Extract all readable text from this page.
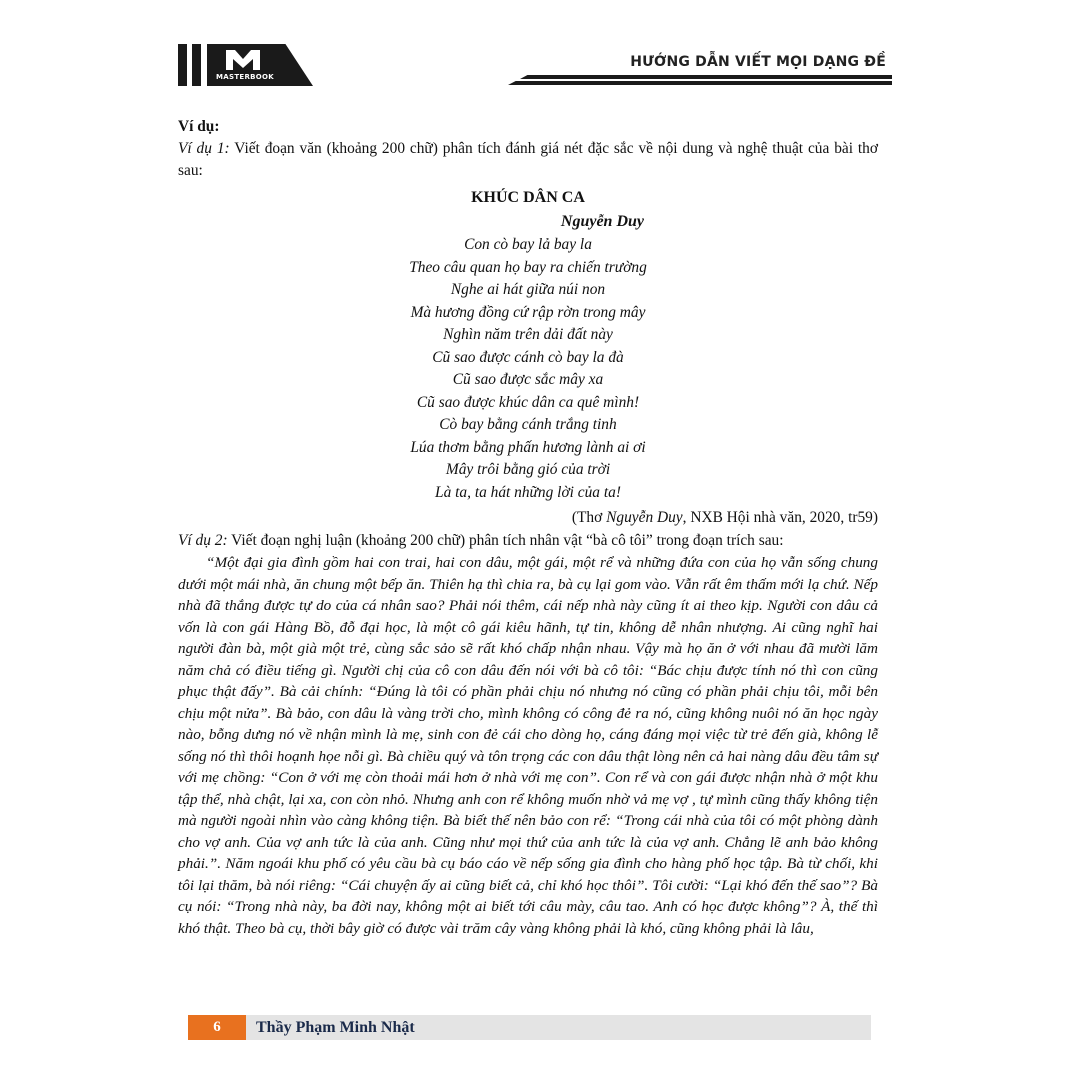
MASTERBOOK
HƯỚNG DẪN VIẾT MỌI DẠNG ĐỀ

Ví dụ:

Ví dụ 1: Viết đoạn văn (khoảng 200 chữ) phân tích đánh giá nét đặc sắc về nội dung và nghệ thuật của bài thơ sau:

KHÚC DÂN CA
Nguyễn Duy
Con cò bay lả bay la
Theo câu quan họ bay ra chiến trường
Nghe ai hát giữa núi non
Mà hương đồng cứ rập rờn trong mây
Nghìn năm trên dải đất này
Cũ sao được cánh cò bay la đà
Cũ sao được sắc mây xa
Cũ sao được khúc dân ca quê mình!
Cò bay bằng cánh trắng tinh
Lúa thơm bằng phấn hương lành ai ơi
Mây trôi bằng gió của trời
Là ta, ta hát những lời của ta!
(Thơ Nguyễn Duy, NXB Hội nhà văn, 2020, tr59)

Ví dụ 2: Viết đoạn nghị luận (khoảng 200 chữ) phân tích nhân vật “bà cô tôi” trong đoạn trích sau:

“Một đại gia đình gồm hai con trai, hai con dâu, một gái, một rể và những đứa con của họ vẫn sống chung dưới một mái nhà, ăn chung một bếp ăn. Thiên hạ thì chia ra, bà cụ lại gom vào. Vẫn rất êm thấm mới lạ chứ. Nếp nhà đã thắng được tự do của cá nhân sao? Phải nói thêm, cái nếp nhà này cũng ít ai theo kịp. Người con dâu cả vốn là con gái Hàng Bồ, đỗ đại học, là một cô gái kiêu hãnh, tự tin, không dễ nhân nhượng. Ai cũng nghĩ hai người đàn bà, một già một trẻ, cùng sắc sảo sẽ rất khó chấp nhận nhau. Vậy mà họ ăn ở với nhau đã mười lăm năm chả có điều tiếng gì. Người chị của cô con dâu đến nói với bà cô tôi: “Bác chịu được tính nó thì con cũng phục thật đấy”. Bà cải chính: “Đúng là tôi có phần phải chịu nó nhưng nó cũng có phần phải chịu tôi, mỗi bên chịu một nửa”. Bà bảo, con dâu là vàng trời cho, mình không có công đẻ ra nó, cũng không nuôi nó ăn học ngày nào, bỗng dưng nó về nhận mình là mẹ, sinh con đẻ cái cho dòng họ, cáng đáng mọi việc từ trẻ đến già, không lễ sống nó thì thôi hoạnh họe nỗi gì. Bà chiều quý và tôn trọng các con dâu thật lòng nên cả hai nàng dâu đều tâm sự với mẹ chồng: “Con ở với mẹ còn thoải mái hơn ở nhà với mẹ con”. Con rể và con gái được nhận nhà ở một khu tập thể, nhà chật, lại xa, con còn nhỏ. Nhưng anh con rể không muốn nhờ vả mẹ vợ , tự mình cũng thấy không tiện mà người ngoài nhìn vào càng không tiện. Bà biết thế nên bảo con rể: “Trong cái nhà của tôi có một phòng dành cho vợ anh. Của vợ anh tức là của anh. Cũng như mọi thứ của anh tức là của vợ anh. Chẳng lẽ anh bảo không phải.”. Năm ngoái khu phố có yêu cầu bà cụ báo cáo về nếp sống gia đình cho hàng phố học tập. Bà từ chối, khi tôi lại thăm, bà nói riêng: “Cái chuyện ấy ai cũng biết cả, chỉ khó học thôi”. Tôi cười: “Lại khó đến thế sao”? Bà cụ nói: “Trong nhà này, ba đời nay, không một ai biết tới câu mày, câu tao. Anh có học được không”? À, thế thì khó thật. Theo bà cụ, thời bây giờ có được vài trăm cây vàng không phải là khó, cũng không phải là lâu,

6	Thầy Phạm Minh Nhật
